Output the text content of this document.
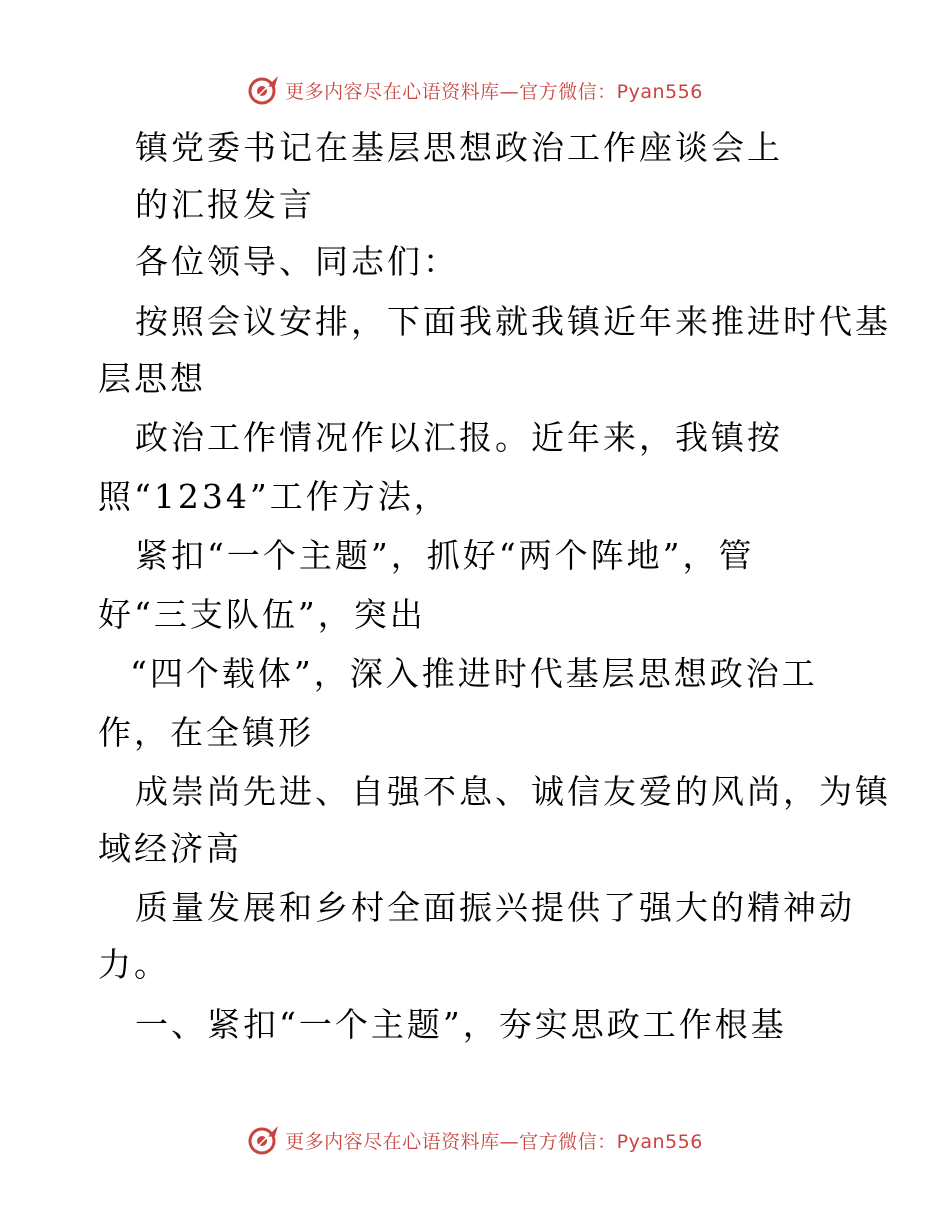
更多内容尽在心语资料库—官方微信：Pyan556
镇党委书记在基层思想政治工作座谈会上
的汇报发言
各位领导、同志们：
按照会议安排，下面我就我镇近年来推进时代基
层思想
政治工作情况作以汇报。近年来，我镇按
照“1234”工作方法，
紧扣“一个主题”，抓好“两个阵地”，管
好“三支队伍”，突出
“四个载体”，深入推进时代基层思想政治工
作，在全镇形
成崇尚先进、自强不息、诚信友爱的风尚，为镇
域经济高
质量发展和乡村全面振兴提供了强大的精神动
力。
一、紧扣“一个主题”，夯实思政工作根基
更多内容尽在心语资料库—官方微信：Pyan556
